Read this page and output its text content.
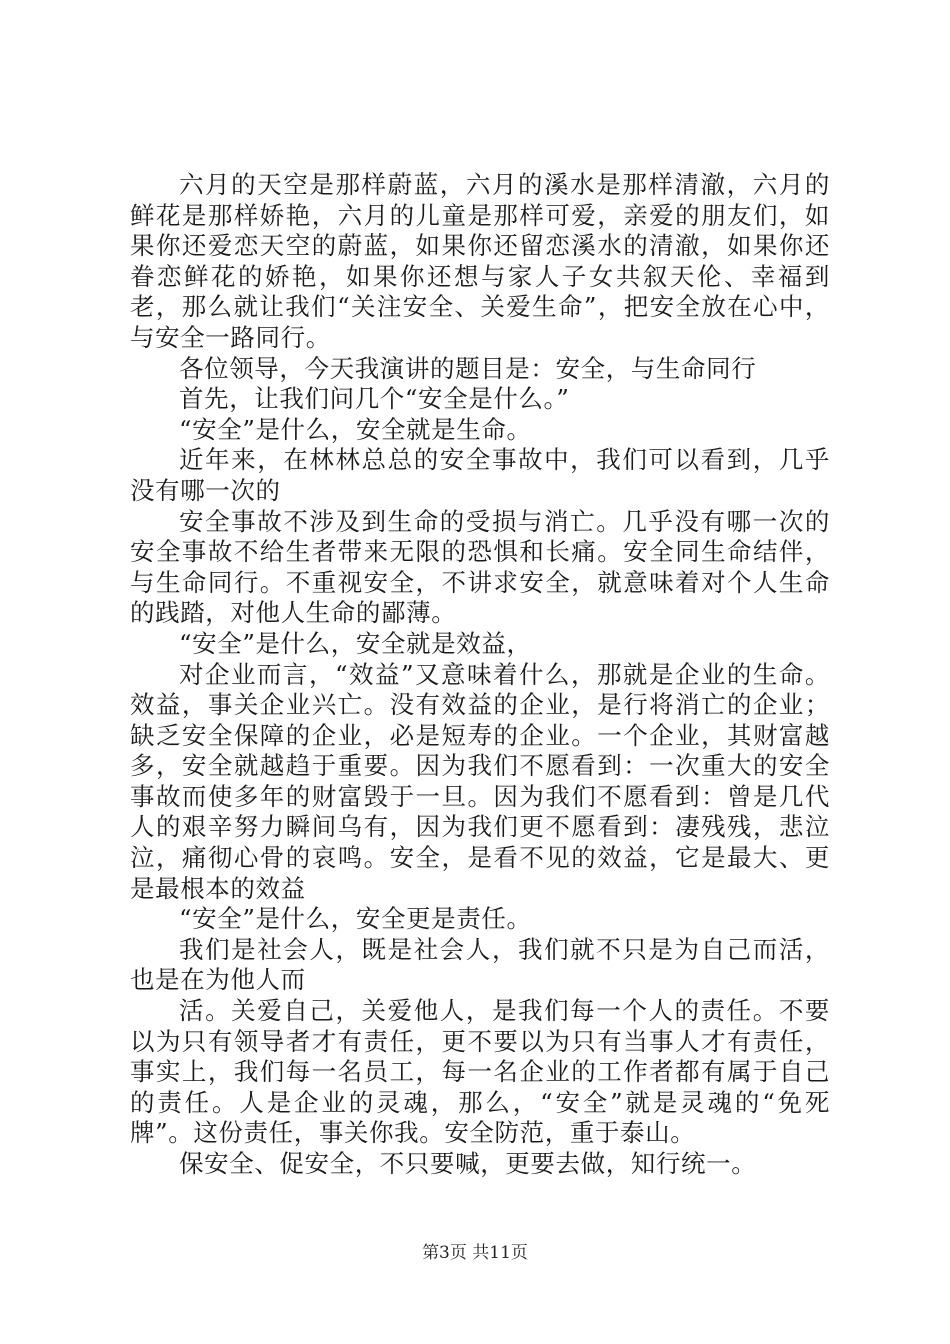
六月的天空是那样蔚蓝，六月的溪水是那样清澈，六月的鲜花是那样娇艳，六月的儿童是那样可爱，亲爱的朋友们，如果你还爱恋天空的蔚蓝，如果你还留恋溪水的清澈，如果你还眷恋鲜花的娇艳，如果你还想与家人子女共叙天伦、幸福到老，那么就让我们“关注安全、关爱生命”，把安全放在心中，与安全一路同行。

各位领导，今天我演讲的题目是：安全，与生命同行

首先，让我们问几个“安全是什么。”

“安全”是什么，安全就是生命。

近年来，在林林总总的安全事故中，我们可以看到，几乎没有哪一次的

安全事故不涉及到生命的受损与消亡。几乎没有哪一次的安全事故不给生者带来无限的恐惧和长痛。安全同生命结伴，与生命同行。不重视安全，不讲求安全，就意味着对个人生命的践踏，对他人生命的鄙薄。

“安全”是什么，安全就是效益，

对企业而言，“效益”又意味着什么，那就是企业的生命。效益，事关企业兴亡。没有效益的企业，是行将消亡的企业；缺乏安全保障的企业，必是短寿的企业。一个企业，其财富越多，安全就越趋于重要。因为我们不愿看到：一次重大的安全事故而使多年的财富毁于一旦。因为我们不愿看到：曾是几代人的艰辛努力瞬间乌有，因为我们更不愿看到：凄残残，悲泣泣，痛彻心骨的哀鸣。安全，是看不见的效益，它是最大、更是最根本的效益

“安全”是什么，安全更是责任。

我们是社会人，既是社会人，我们就不只是为自己而活，也是在为他人而

活。关爱自己，关爱他人，是我们每一个人的责任。不要以为只有领导者才有责任，更不要以为只有当事人才有责任，事实上，我们每一名员工，每一名企业的工作者都有属于自己的责任。人是企业的灵魂，那么，“安全”就是灵魂的“免死牌”。这份责任，事关你我。安全防范，重于泰山。

保安全、促安全，不只要喊，更要去做，知行统一。

第3页 共11页
